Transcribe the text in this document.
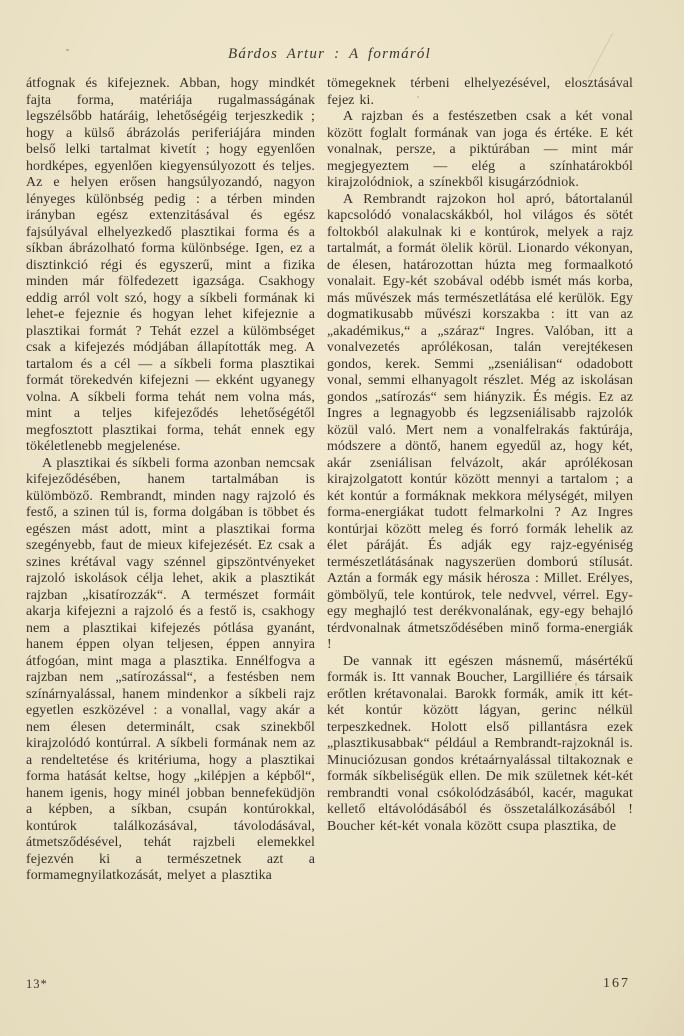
Bárdos Artur : A formáról

átfognak és kifejeznek. Abban, hogy mindkét fajta forma, matériája rugalmasságának legszélsőbb határáig, lehetőségéig terjeszkedik ; hogy a külső ábrázolás periferiájára minden belső lelki tartalmat kivetít ; hogy egyenlően hordképes, egyenlően kiegyensúlyozott és teljes. Az e helyen erősen hangsúlyozandó, nagyon lényeges különbség pedig : a térben minden irányban egész extenzitásával és egész fajsúlyával elhelyezkedő plasztikai forma és a síkban ábrázolható forma különbsége. Igen, ez a disztinkció régi és egyszerű, mint a fizika minden már fölfedezett igazsága. Csakhogy eddig arról volt szó, hogy a síkbeli formának ki lehet-e fejeznie és hogyan lehet kifejeznie a plasztikai formát ? Tehát ezzel a külömbséget csak a kifejezés módjában állapították meg. A tartalom és a cél — a síkbeli forma plasztikai formát törekedvén kifejezni — ekként ugyanegy volna. A síkbeli forma tehát nem volna más, mint a teljes kifejeződés lehetőségétől megfosztott plasztikai forma, tehát ennek egy tökéletlenebb megjelenése.

A plasztikai és síkbeli forma azonban nemcsak kifejeződésében, hanem tartalmában is külömböző. Rembrandt, minden nagy rajzoló és festő, a szinen túl is, forma dolgában is többet és egészen mást adott, mint a plasztikai forma szegényebb, faut de mieux kifejezését. Ez csak a szines krétával vagy szénnel gipszöntvényeket rajzoló iskolások célja lehet, akik a plasztikát rajzban „kisatírozzák“. A természet formáit akarja kifejezni a rajzoló és a festő is, csakhogy nem a plasztikai kifejezés pótlása gyanánt, hanem éppen olyan teljesen, éppen annyira átfogóan, mint maga a plasztika. Ennélfogva a rajzban nem „satírozással“, a festésben nem színárnyalással, hanem mindenkor a síkbeli rajz egyetlen eszközével : a vonallal, vagy akár a nem élesen determinált, csak szinekből kirajzolódó kontúrral. A síkbeli formának nem az a rendeltetése és kritériuma, hogy a plasztikai forma hatását keltse, hogy „kilépjen a képből“, hanem igenis, hogy minél jobban bennefeküdjön a képben, a síkban, csupán kontúrokkal, kontúrok találkozásával, távolodásával, átmetsződésével, tehát rajzbeli elemekkel fejezvén ki a természetnek azt a formamegnyilatkozását, melyet a plasztika

tömegeknek térbeni elhelyezésével, elosztásával fejez ki.

A rajzban és a festészetben csak a két vonal között foglalt formának van joga és értéke. E két vonalnak, persze, a piktúrában — mint már megjegyeztem — elég a színhatárokból kirajzolódniok, a színekből kisugárzódniok.

A Rembrandt rajzokon hol apró, bátortalanúl kapcsolódó vonalacskákból, hol világos és sötét foltokból alakulnak ki e kontúrok, melyek a rajz tartalmát, a formát ölelik körül. Lionardo vékonyan, de élesen, határozottan húzta meg formaalkotó vonalait. Egy-két szobával odébb ismét más korba, más művészek más természetlátása elé kerülök. Egy dogmatikusabb művészi korszakba : itt van az „akadémikus,“ a „száraz“ Ingres. Valóban, itt a vonalvezetés aprólékosan, talán verejtékesen gondos, kerek. Semmi „zseniálisan“ odadobott vonal, semmi elhanyagolt részlet. Még az iskolásan gondos „satírozás“ sem hiányzik. És mégis. Ez az Ingres a legnagyobb és legzseniálisabb rajzolók közül való. Mert nem a vonalfelrakás faktúrája, módszere a döntő, hanem egyedűl az, hogy két, akár zseniálisan felvázolt, akár aprólékosan kirajzolgatott kontúr között mennyi a tartalom ; a két kontúr a formáknak mekkora mélységét, milyen forma-energiákat tudott felmarkolni ? Az Ingres kontúrjai között meleg és forró formák lehelik az élet páráját. És adják egy rajz-egyéniség természetlátásának nagyszerüen domború stílusát. Aztán a formák egy másik hérosza : Millet. Erélyes, gömbölyű, tele kontúrok, tele nedvvel, vérrel. Egy-egy meghajló test derékvonalának, egy-egy behajló térdvonalnak átmetsződésében minő forma-energiák !

De vannak itt egészen másnemű, másértékű formák is. Itt vannak Boucher, Largilliére és társaik erőtlen krétavonalai. Barokk formák, amik itt két-két kontúr között lágyan, gerinc nélkül terpeszkednek. Holott első pillantásra ezek „plasztikusabbak“ például a Rembrandt-rajzoknál is. Minuciózusan gondos krétaárnyalással tiltakoznak e formák síkbeliségük ellen. De mik születnek két-két rembrandti vonal csókolódzásából, kacér, magukat kellető eltávolódásából és összetalálkozásából ! Boucher két-két vonala között csupa plasztika, de

13*	167
